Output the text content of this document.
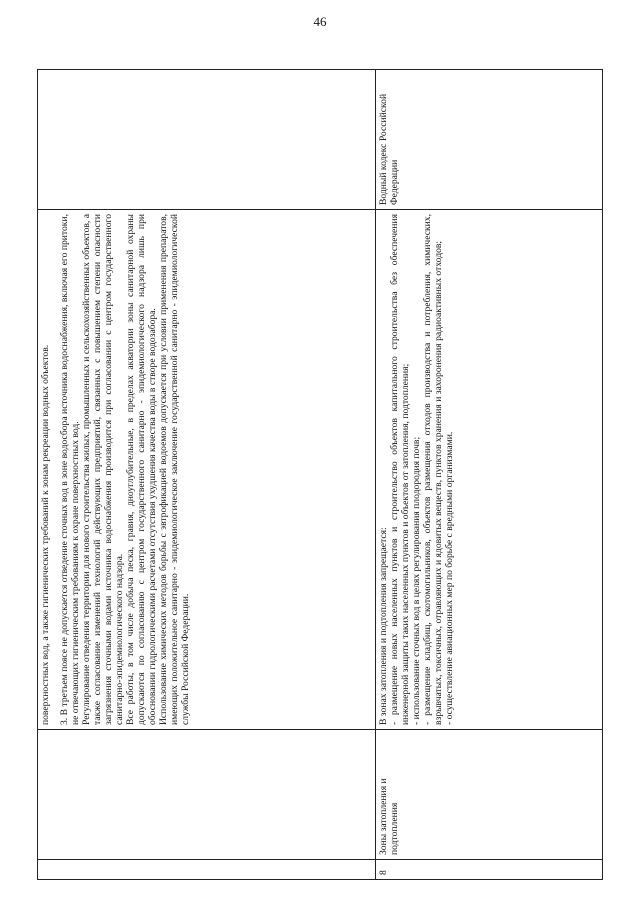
46

		поверхностных вод, а также гигиенических требований к зонам рекреации водных объектов. 3. В третьем поясе не допускается отведение сточных вод в зоне водосбора источника водоснабжения, включая его притоки, не отвечающих гигиеническим требованиям к охране поверхностных вод. Регулирование отведения территории для нового строительства жилых, промышленных и сельскохозяйственных объектов, а также согласование изменений технологий действующих предприятий, связанных с повышением степени опасности загрязнения сточными водами источника водоснабжения производится при согласовании с центром государственного санитарно-эпидемиологического надзора. Все работы, в том числе добыча песка, гравия, дноуглубительные, в пределах акватории зоны санитарной охраны допускаются по согласованию с центром государственного санитарно - эпидемиологического надзора лишь при обосновании гидрологическими расчетами отсутствия ухудшения качества воды в створе водозабора. Использование химических методов борьбы с эвтрофикацией водоемов допускается при условии применения препаратов, имеющих положительное санитарно - эпидемиологическое заключение государственной санитарно - эпидемиологической службы Российской Федерации.	

8	Зоны затопления и подтопления	В зонах затопления и подтопления запрещается: - размещение новых населенных пунктов и строительство объектов капитального строительства без обеспечения инженерной защиты таких населенных пунктов и объектов от затопления, подтопления; - использование сточных вод в целях регулирования плодородия почв; - размещение кладбищ, скотомогильников, объектов размещения отходов производства и потребления, химических, взрывчатых, токсичных, отравляющих и ядовитых веществ, пунктов хранения и захоронения радиоактивных отходов; - осуществление авиационных мер по борьбе с вредными организмами.	Водный кодекс Российской Федерации
